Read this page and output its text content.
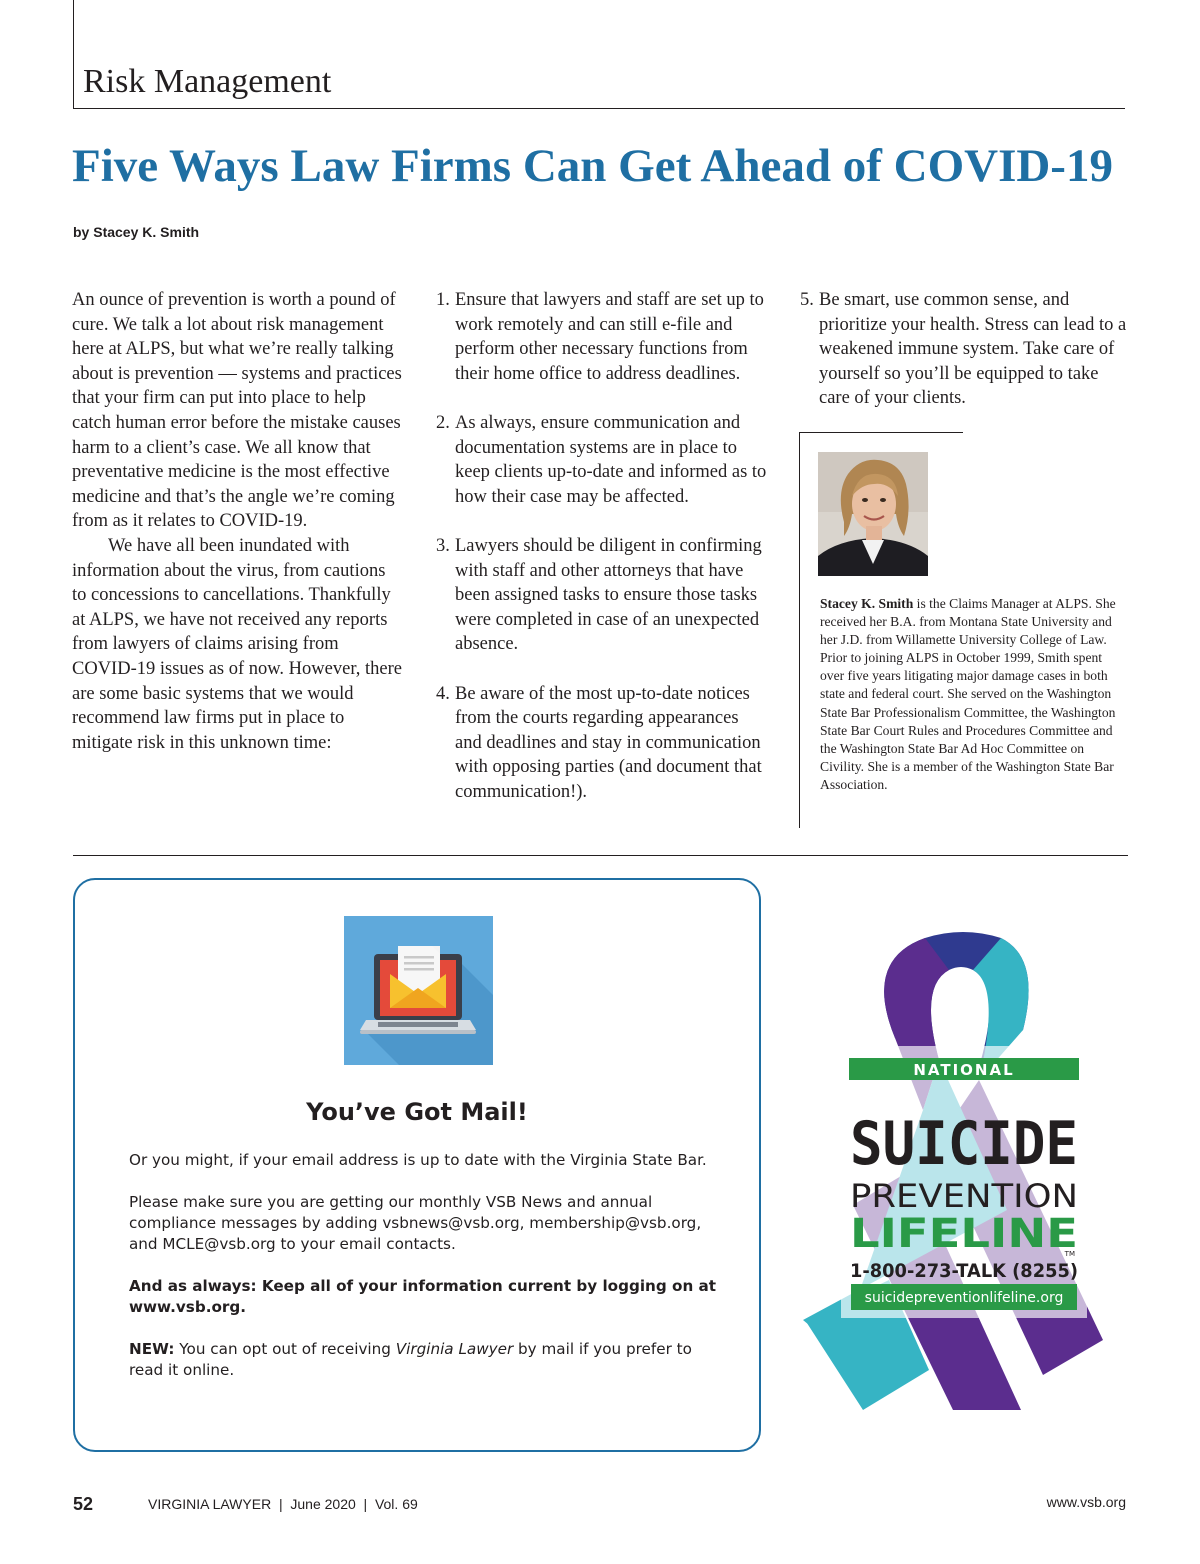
Risk Management
Five Ways Law Firms Can Get Ahead of COVID-19
by Stacey K. Smith

An ounce of prevention is worth a pound of cure. We talk a lot about risk management here at ALPS, but what we’re really talking about is prevention — systems and practices that your firm can put into place to help catch human error before the mistake causes harm to a client’s case. We all know that preventative medicine is the most effective medicine and that’s the angle we’re coming from as it relates to COVID-19.

We have all been inundated with information about the virus, from cautions to concessions to cancellations. Thankfully at ALPS, we have not received any reports from lawyers of claims arising from COVID-19 issues as of now. However, there are some basic systems that we would recommend law firms put in place to mitigate risk in this unknown time:

1. Ensure that lawyers and staff are set up to work remotely and can still e-file and perform other necessary functions from their home office to address deadlines.
2. As always, ensure communication and documentation systems are in place to keep clients up-to-date and informed as to how their case may be affected.
3. Lawyers should be diligent in confirming with staff and other attorneys that have been assigned tasks to ensure those tasks were completed in case of an unexpected absence.
4. Be aware of the most up-to-date notices from the courts regarding appearances and deadlines and stay in communication with opposing parties (and document that communication!).
5. Be smart, use common sense, and prioritize your health. Stress can lead to a weakened immune system. Take care of yourself so you’ll be equipped to take care of your clients.

Stacey K. Smith is the Claims Manager at ALPS. She received her B.A. from Montana State University and her J.D. from Willamette University College of Law. Prior to joining ALPS in October 1999, Smith spent over five years litigating major damage cases in both state and federal court. She served on the Washington State Bar Professionalism Committee, the Washington State Bar Court Rules and Procedures Committee and the Washington State Bar Ad Hoc Committee on Civility. She is a member of the Washington State Bar Association.

You’ve Got Mail!

Or you might, if your email address is up to date with the Virginia State Bar.

Please make sure you are getting our monthly VSB News and annual compliance messages by adding vsbnews@vsb.org, membership@vsb.org, and MCLE@vsb.org to your email contacts.

And as always: Keep all of your information current by logging on at www.vsb.org.

NEW: You can opt out of receiving Virginia Lawyer by mail if you prefer to read it online.

NATIONAL
SUICIDE
PREVENTION
LIFELINE
TM
1-800-273-TALK (8255)
suicidepreventionlifeline.org
52	VIRGINIA LAWYER  |  June 2020  |  Vol. 69	www.vsb.org
